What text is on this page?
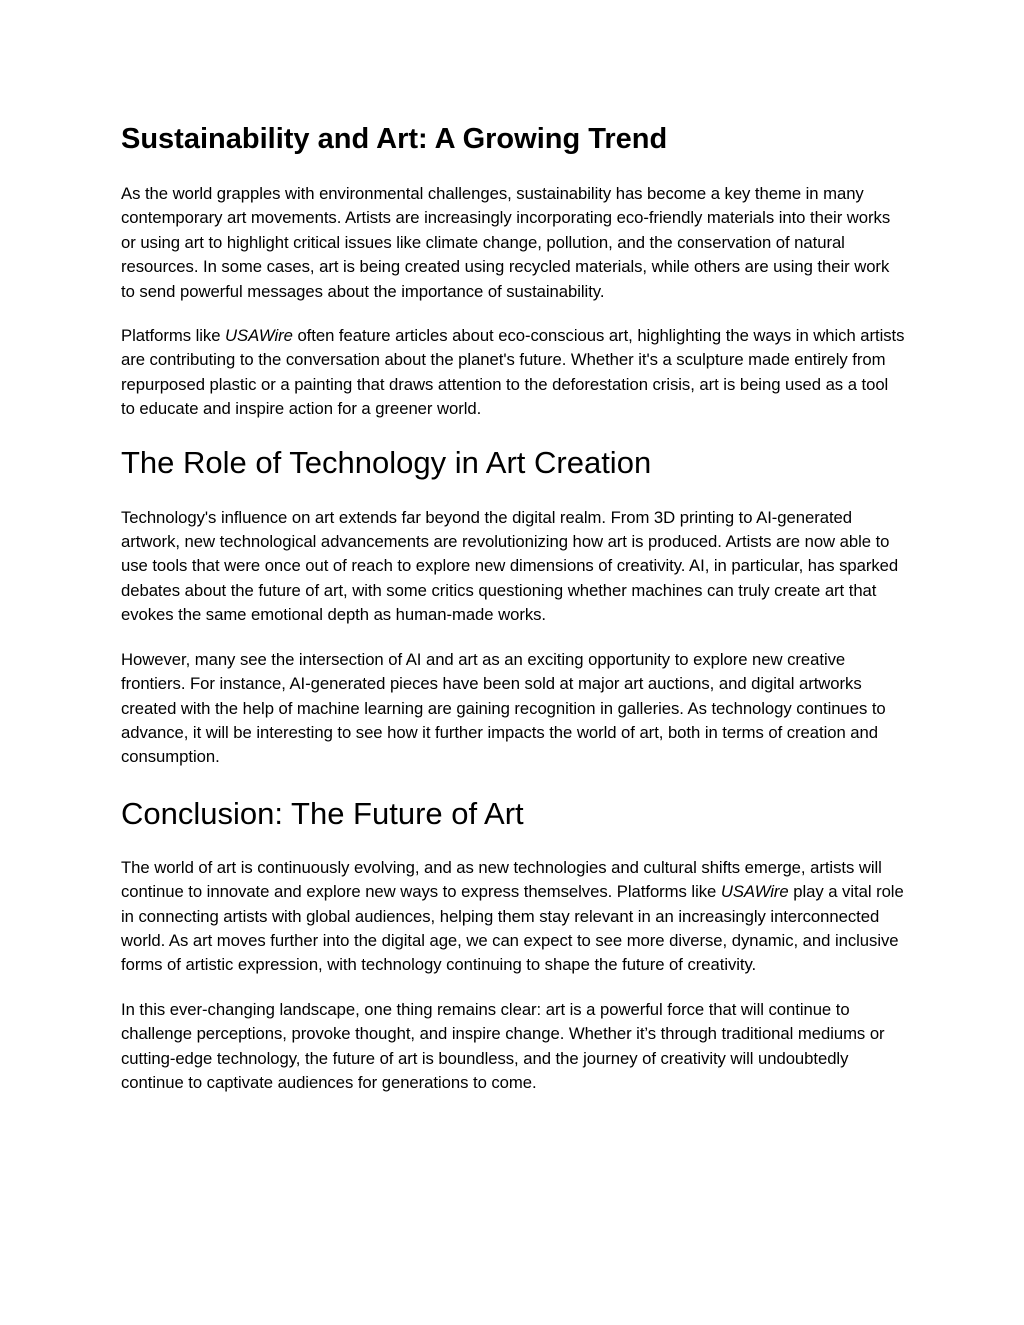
Sustainability and Art: A Growing Trend

As the world grapples with environmental challenges, sustainability has become a key theme in many contemporary art movements. Artists are increasingly incorporating eco-friendly materials into their works or using art to highlight critical issues like climate change, pollution, and the conservation of natural resources. In some cases, art is being created using recycled materials, while others are using their work to send powerful messages about the importance of sustainability.

Platforms like USAWire often feature articles about eco-conscious art, highlighting the ways in which artists are contributing to the conversation about the planet's future. Whether it's a sculpture made entirely from repurposed plastic or a painting that draws attention to the deforestation crisis, art is being used as a tool to educate and inspire action for a greener world.

The Role of Technology in Art Creation

Technology's influence on art extends far beyond the digital realm. From 3D printing to AI-generated artwork, new technological advancements are revolutionizing how art is produced. Artists are now able to use tools that were once out of reach to explore new dimensions of creativity. AI, in particular, has sparked debates about the future of art, with some critics questioning whether machines can truly create art that evokes the same emotional depth as human-made works.

However, many see the intersection of AI and art as an exciting opportunity to explore new creative frontiers. For instance, AI-generated pieces have been sold at major art auctions, and digital artworks created with the help of machine learning are gaining recognition in galleries. As technology continues to advance, it will be interesting to see how it further impacts the world of art, both in terms of creation and consumption.

Conclusion: The Future of Art

The world of art is continuously evolving, and as new technologies and cultural shifts emerge, artists will continue to innovate and explore new ways to express themselves. Platforms like USAWire play a vital role in connecting artists with global audiences, helping them stay relevant in an increasingly interconnected world. As art moves further into the digital age, we can expect to see more diverse, dynamic, and inclusive forms of artistic expression, with technology continuing to shape the future of creativity.

In this ever-changing landscape, one thing remains clear: art is a powerful force that will continue to challenge perceptions, provoke thought, and inspire change. Whether it’s through traditional mediums or cutting-edge technology, the future of art is boundless, and the journey of creativity will undoubtedly continue to captivate audiences for generations to come.
